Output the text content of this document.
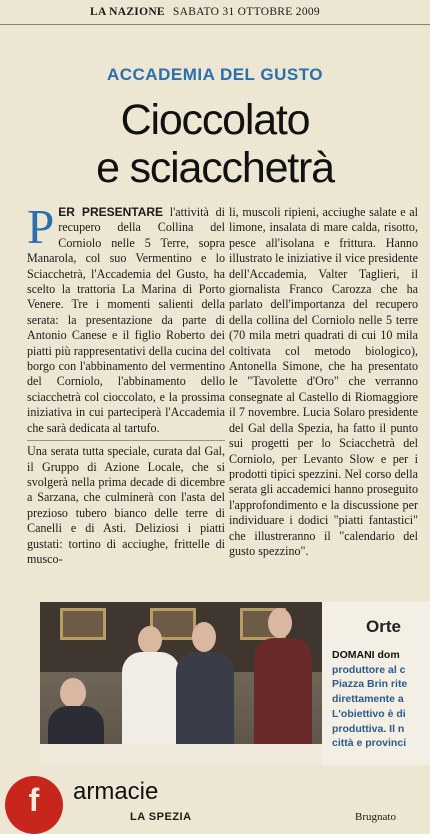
LA NAZIONE SABATO 31 OTTOBRE 2009
ACCADEMIA DEL GUSTO
Cioccolato
e sciacchetrà

PER PRESENTARE l'attività di recupero della Collina del Corniolo nelle 5 Terre, sopra Manarola, col suo Vermentino e lo Sciacchetrà, l'Accademia del Gusto, ha scelto la trattoria La Marina di Porto Venere. Tre i momenti salienti della serata: la presentazione da parte di Antonio Canese e il figlio Roberto dei piatti più rappresentativi della cucina del borgo con l'abbinamento del vermentino del Corniolo, l'abbinamento dello sciacchetrà col cioccolato, e la prossima iniziativa in cui parteciperà l'Accademia che sarà dedicata al tartufo.

Una serata tutta speciale, curata dal Gal, il Gruppo di Azione Locale, che si svolgerà nella prima decade di dicembre a Sarzana, che culminerà con l'asta del prezioso tubero bianco delle terre di Canelli e di Asti. Deliziosi i piatti gustati: tortino di acciughe, frittelle di musco-

li, muscoli ripieni, acciughe salate e al limone, insalata di mare calda, risotto, pesce all'isolana e frittura. Hanno illustrato le iniziative il vice presidente dell'Accademia, Valter Taglieri, il giornalista Franco Carozza che ha parlato dell'importanza del recupero della collina del Corniolo nelle 5 terre (70 mila metri quadrati di cui 10 mila coltivata col metodo biologico), Antonella Simone, che ha presentato le "Tavolette d'Oro" che verranno consegnate al Castello di Riomaggiore il 7 novembre. Lucia Solaro presidente del Gal della Spezia, ha fatto il punto sui progetti per lo Sciacchetrà del Corniolo, per Levanto Slow e per i prodotti tipici spezzini. Nel corso della serata gli accademici hanno proseguito l'approfondimento e la discussione per individuare i dodici "piatti fantastici" che illustreranno il "calendario del gusto spezzino".

Orte
DOMANI dom
produttore al c
Piazza Brin rite
direttamente a
L'obiettivo è di
produttiva. Il n
città e provinci
f	armacie
LA SPEZIA	Brugnato
